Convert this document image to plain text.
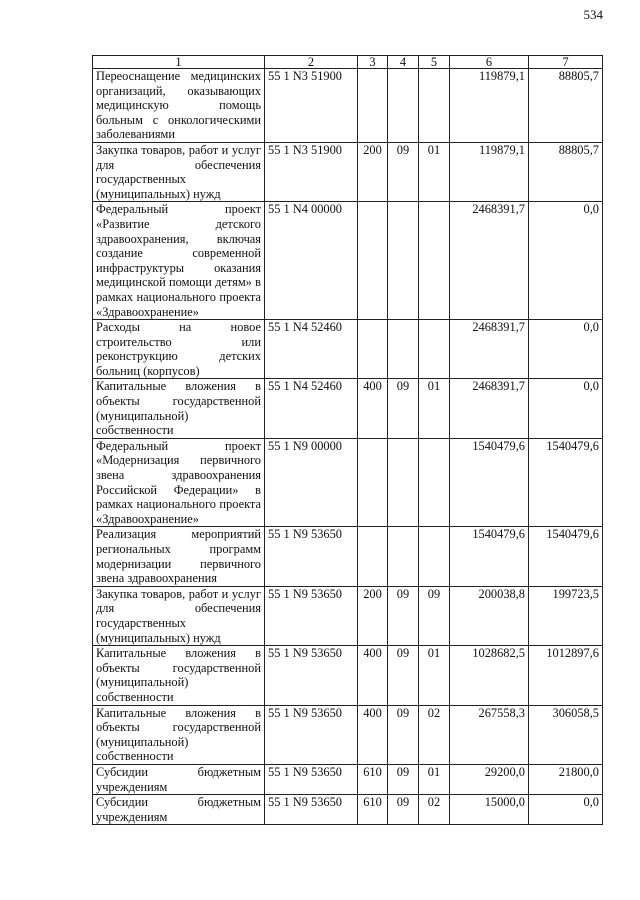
534
1	2	3	4	5	6	7
Переоснащение медицинских организаций, оказывающих медицинскую помощь больным с онкологическими заболеваниями	55 1 N3 51900				119879,1	88805,7
Закупка товаров, работ и услуг для обеспечения государственных (муниципальных) нужд	55 1 N3 51900	200	09	01	119879,1	88805,7
Федеральный проект «Развитие детского здравоохранения, включая создание современной инфраструктуры оказания медицинской помощи детям» в рамках национального проекта «Здравоохранение»	55 1 N4 00000				2468391,7	0,0
Расходы на новое строительство или реконструкцию детских больниц (корпусов)	55 1 N4 52460				2468391,7	0,0
Капитальные вложения в объекты государственной (муниципальной) собственности	55 1 N4 52460	400	09	01	2468391,7	0,0
Федеральный проект «Модернизация первичного звена здравоохранения Российской Федерации» в рамках национального проекта «Здравоохранение»	55 1 N9 00000				1540479,6	1540479,6
Реализация мероприятий региональных программ модернизации первичного звена здравоохранения	55 1 N9 53650				1540479,6	1540479,6
Закупка товаров, работ и услуг для обеспечения государственных (муниципальных) нужд	55 1 N9 53650	200	09	09	200038,8	199723,5
Капитальные вложения в объекты государственной (муниципальной) собственности	55 1 N9 53650	400	09	01	1028682,5	1012897,6
Капитальные вложения в объекты государственной (муниципальной) собственности	55 1 N9 53650	400	09	02	267558,3	306058,5
Субсидии бюджетным учреждениям	55 1 N9 53650	610	09	01	29200,0	21800,0
Субсидии бюджетным учреждениям	55 1 N9 53650	610	09	02	15000,0	0,0
